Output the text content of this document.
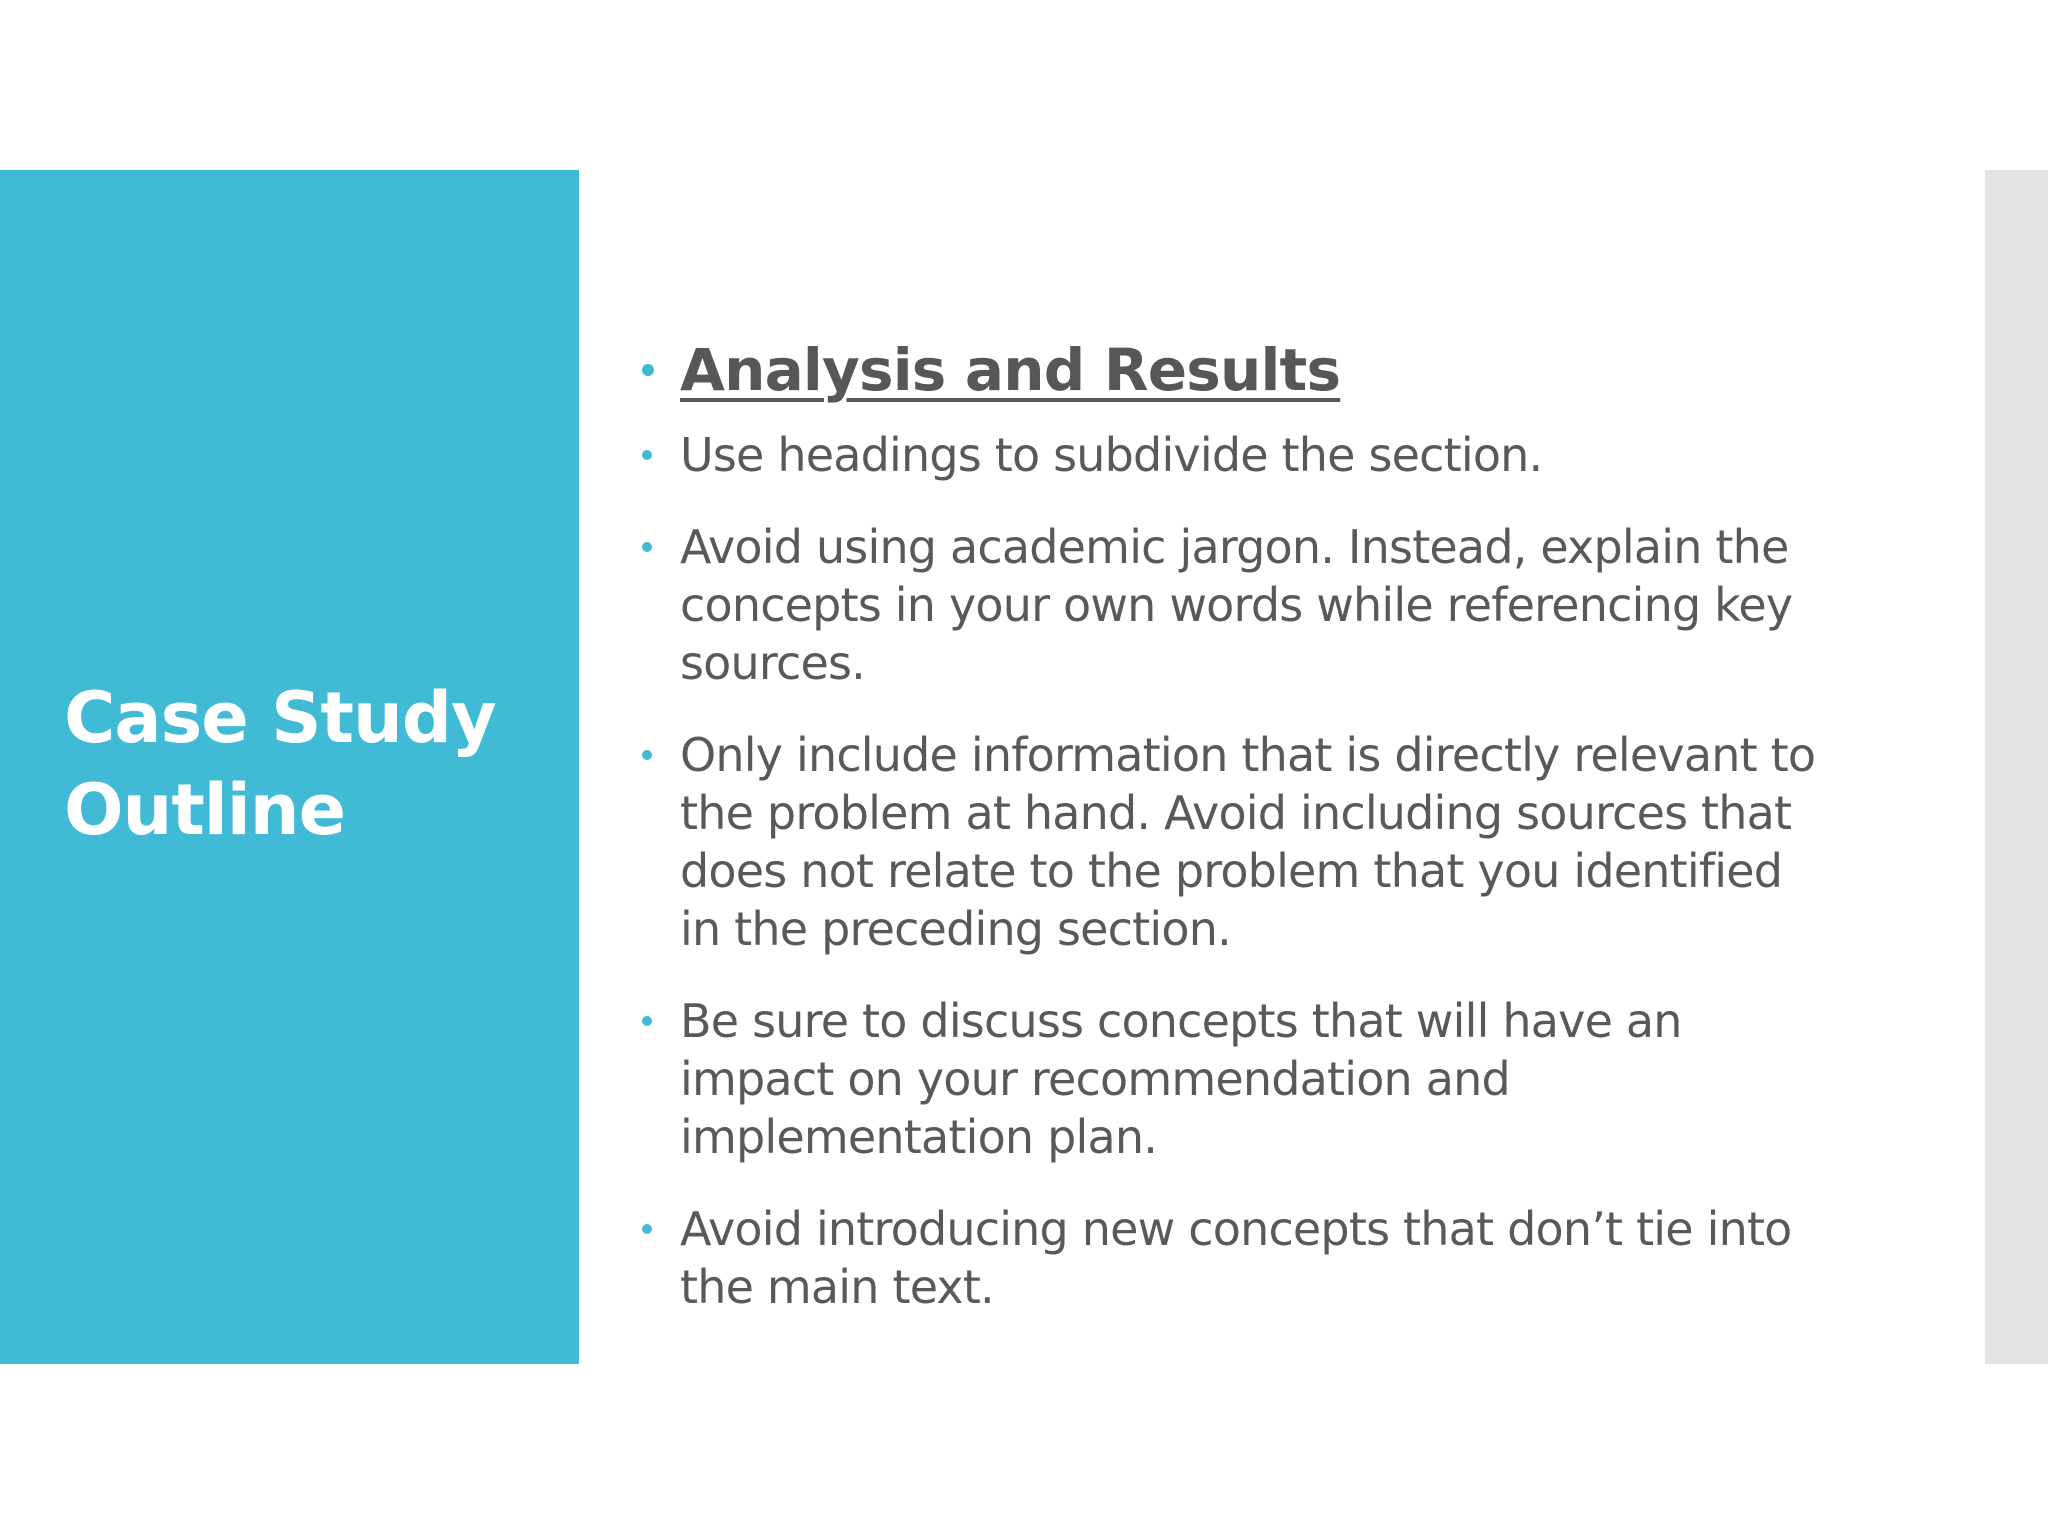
Case Study
Outline
Analysis and Results
Use headings to subdivide the section.
Avoid using academic jargon. Instead, explain the concepts in your own words while referencing key sources.
Only include information that is directly relevant to the problem at hand. Avoid including sources that does not relate to the problem that you identified in the preceding section.
Be sure to discuss concepts that will have an impact on your recommendation and implementation plan.
Avoid introducing new concepts that don’t tie into the main text.
